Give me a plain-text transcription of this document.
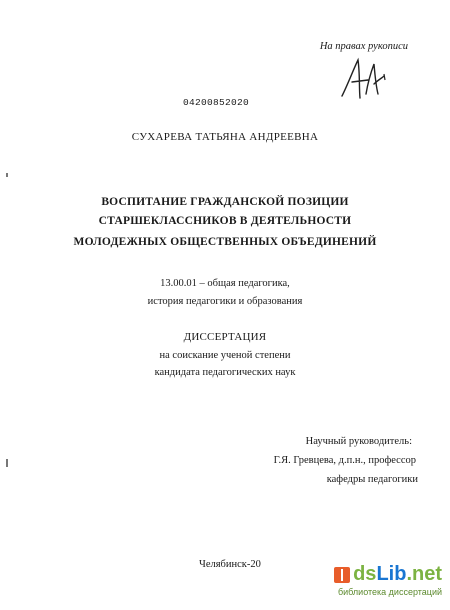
На правах рукописи
04200852020
СУХАРЕВА ТАТЬЯНА АНДРЕЕВНА
ВОСПИТАНИЕ ГРАЖДАНСКОЙ ПОЗИЦИИ
СТАРШЕКЛАССНИКОВ В ДЕЯТЕЛЬНОСТИ
МОЛОДЕЖНЫХ ОБЩЕСТВЕННЫХ ОБЪЕДИНЕНИЙ
13.00.01 – общая педагогика,
история педагогики и образования
ДИССЕРТАЦИЯ
на соискание ученой степени
кандидата педагогических наук
Научный руководитель:
Г.Я. Гревцева, д.п.н., профессор
кафедры педагогики
Челябинск-20	ds Lib .net
библиотека диссертаций
